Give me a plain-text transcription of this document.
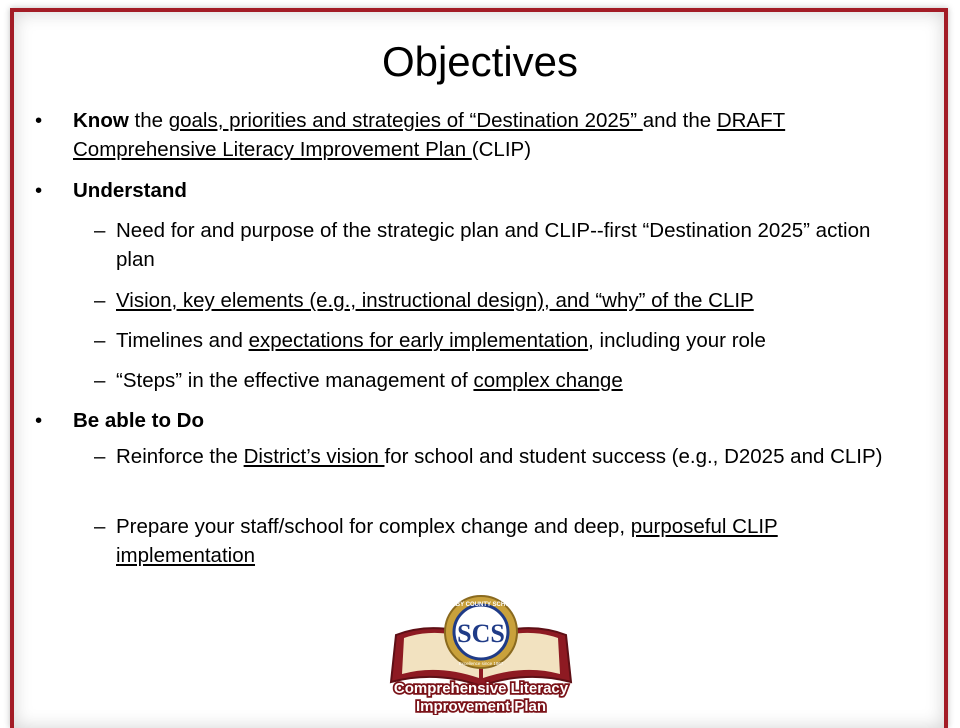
Objectives
• Know the goals, priorities and strategies of “Destination 2025” and the DRAFT Comprehensive Literacy Improvement Plan (CLIP)
• Understand
– Need for and purpose of the strategic plan and CLIP--first “Destination 2025” action plan
– Vision, key elements (e.g., instructional design), and “why” of the CLIP
– Timelines and expectations for early implementation, including your role
– “Steps” in the effective management of complex change
• Be able to Do
– Reinforce the District’s vision for school and student success (e.g., D2025 and CLIP)
– Prepare your staff/school for complex change and deep, purposeful CLIP implementation
SCS
SHELBY COUNTY SCHOOLS
Excellence since 1867
Comprehensive Literacy
Improvement Plan
